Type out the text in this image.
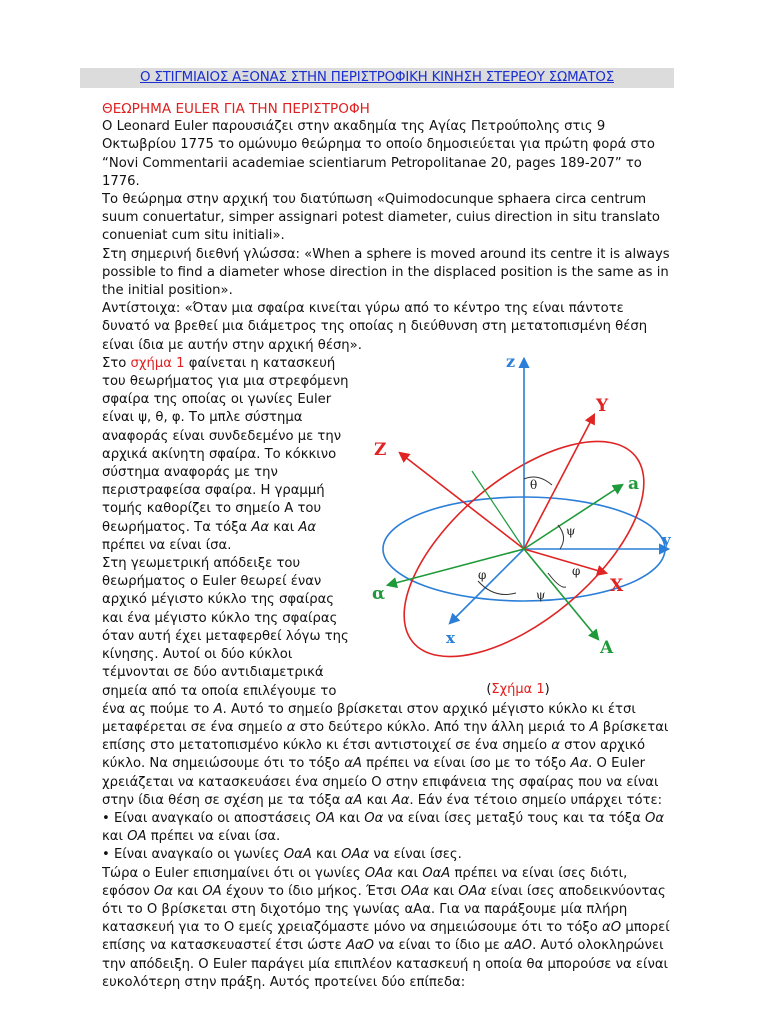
Ο ΣΤΙΓΜΙΑΙΟΣ ΑΞΟΝΑΣ ΣΤΗΝ ΠΕΡΙΣΤΡΟΦΙΚΗ ΚΙΝΗΣΗ ΣΤΕΡΕΟΥ ΣΩΜΑΤΟΣ

ΘΕΩΡΗΜΑ EULER ΓΙΑ ΤΗΝ ΠΕΡΙΣΤΡΟΦΗ

Ο Leonard Euler παρουσιάζει στην ακαδημία της Αγίας Πετρούπολης στις 9 Οκτωβρίου 1775 το ομώνυμο θεώρημα το οποίο δημοσιεύεται για πρώτη φορά στο “Novi Commentarii academiae scientiarum Petropolitanae 20, pages 189-207” το 1776.

Το θεώρημα στην αρχική του διατύπωση «Quimodocunque sphaera circa centrum suum conuertatur, simper assignari potest diameter, cuius direction in situ translato conueniat cum situ initiali».

Στη σημερινή διεθνή γλώσσα: «When a sphere is moved around its centre it is always possible to find a diameter whose direction in the displaced position is the same as in the initial position».

Αντίστοιχα: «Όταν μια σφαίρα κινείται γύρω από το κέντρο της είναι πάντοτε δυνατό να βρεθεί μια διάμετρος της οποίας η διεύθυνση στη μετατοπισμένη θέση είναι ίδια με αυτήν στην αρχική θέση».

z
y
x
Z
Y
X
a
α
A
θ
ψ
ψ
φ	φ
(Σχήμα 1)

Στο σχήμα 1 φαίνεται η κατασκευή του θεωρήματος για μια στρεφόμενη σφαίρα της οποίας οι γωνίες Euler είναι ψ, θ, φ. Το μπλε σύστημα αναφοράς είναι συνδεδεμένο με την αρχικά ακίνητη σφαίρα. Το κόκκινο σύστημα αναφοράς με την περιστραφείσα σφαίρα. Η γραμμή τομής καθορίζει το σημείο Α του θεωρήματος. Τα τόξα Αα και Αα πρέπει να είναι ίσα.

Στη γεωμετρική απόδειξε του θεωρήματος ο Euler θεωρεί έναν αρχικό μέγιστο κύκλο της σφαίρας και ένα μέγιστο κύκλο της σφαίρας όταν αυτή έχει μεταφερθεί λόγω της κίνησης. Αυτοί οι δύο κύκλοι τέμνονται σε δύο αντιδιαμετρικά σημεία από τα οποία επιλέγουμε το ένα ας πούμε το Α. Αυτό το σημείο βρίσκεται στον αρχικό μέγιστο κύκλο κι έτσι μεταφέρεται σε ένα σημείο α στο δεύτερο κύκλο. Από την άλλη μεριά το Α βρίσκεται επίσης στο μετατοπισμένο κύκλο κι έτσι αντιστοιχεί σε ένα σημείο α στον αρχικό κύκλο. Να σημειώσουμε ότι το τόξο αΑ πρέπει να είναι ίσο με το τόξο Αα. Ο Euler χρειάζεται να κατασκευάσει ένα σημείο Ο στην επιφάνεια της σφαίρας που να είναι στην ίδια θέση σε σχέση με τα τόξα αΑ και Αα. Εάν ένα τέτοιο σημείο υπάρχει τότε:

• Είναι αναγκαίο οι αποστάσεις ΟΑ και Οα να είναι ίσες μεταξύ τους και τα τόξα Οα και ΟΑ πρέπει να είναι ίσα.

• Είναι αναγκαίο οι γωνίες ΟαΑ και ΟΑα να είναι ίσες.

Τώρα ο Euler επισημαίνει ότι οι γωνίες ΟΑα και ΟαΑ πρέπει να είναι ίσες διότι, εφόσον Οα και ΟΑ έχουν το ίδιο μήκος. Έτσι ΟΑα και ΟΑα είναι ίσες αποδεικνύοντας ότι το Ο βρίσκεται στη διχοτόμο της γωνίας αΑα. Για να παράξουμε μία πλήρη κατασκευή για το Ο εμείς χρειαζόμαστε μόνο να σημειώσουμε ότι το τόξο αΟ μπορεί επίσης να κατασκευαστεί έτσι ώστε ΑαΟ να είναι το ίδιο με αΑΟ. Αυτό ολοκληρώνει την απόδειξη. Ο Euler παράγει μία επιπλέον κατασκευή η οποία θα μπορούσε να είναι ευκολότερη στην πράξη. Αυτός προτείνει δύο επίπεδα:
